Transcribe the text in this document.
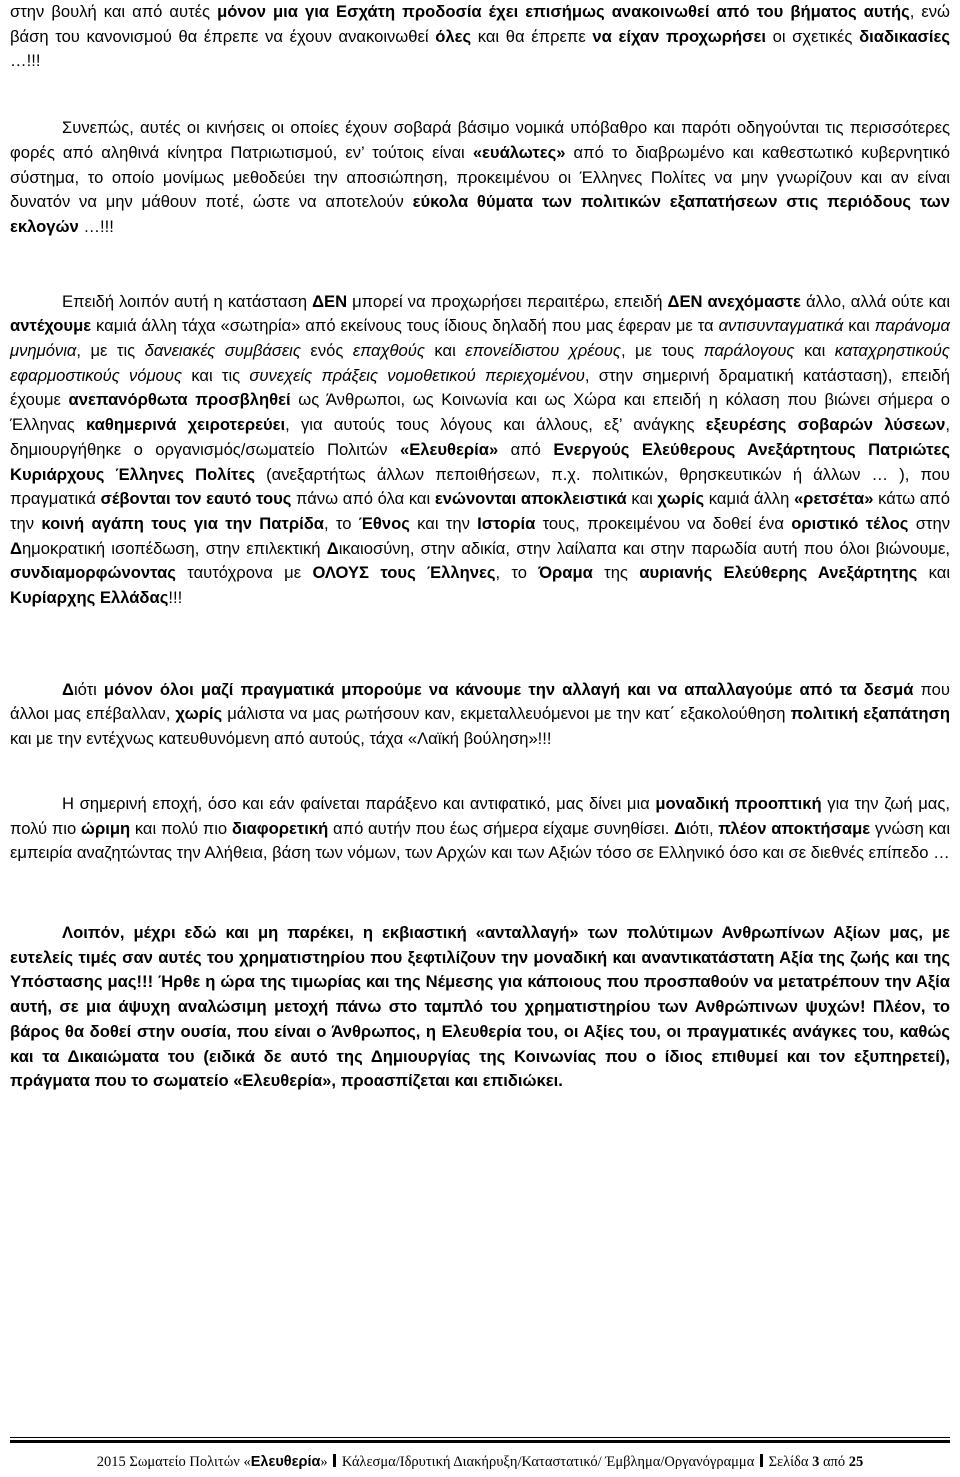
στην βουλή και από αυτές μόνον μια για Εσχάτη προδοσία έχει επισήμως ανακοινωθεί από του βήματος αυτής, ενώ βάση του κανονισμού θα έπρεπε να έχουν ανακοινωθεί όλες και θα έπρεπε να είχαν προχωρήσει οι σχετικές διαδικασίες …!!!

Συνεπώς, αυτές οι κινήσεις οι οποίες έχουν σοβαρά βάσιμο νομικά υπόβαθρο και παρότι οδηγούνται τις περισσότερες φορές από αληθινά κίνητρα Πατριωτισμού, εν’ τούτοις είναι «ευάλωτες» από το διαβρωμένο και καθεστωτικό κυβερνητικό σύστημα, το οποίο μονίμως μεθοδεύει την αποσιώπηση, προκειμένου οι Έλληνες Πολίτες να μην γνωρίζουν και αν είναι δυνατόν να μην μάθουν ποτέ, ώστε να αποτελούν εύκολα θύματα των πολιτικών εξαπατήσεων στις περιόδους των εκλογών …!!!

Επειδή λοιπόν αυτή η κατάσταση ΔΕΝ μπορεί να προχωρήσει περαιτέρω, επειδή ΔΕΝ ανεχόμαστε άλλο, αλλά ούτε και αντέχουμε καμιά άλλη τάχα «σωτηρία» από εκείνους τους ίδιους δηλαδή που μας έφεραν με τα αντισυνταγματικά και παράνομα μνημόνια, με τις δανειακές συμβάσεις ενός επαχθούς και επονείδιστου χρέους, με τους παράλογους και καταχρηστικούς εφαρμοστικούς νόμους και τις συνεχείς πράξεις νομοθετικού περιεχομένου, στην σημερινή δραματική κατάσταση), επειδή έχουμε ανεπανόρθωτα προσβληθεί ως Άνθρωποι, ως Κοινωνία και ως Χώρα και επειδή η κόλαση που βιώνει σήμερα ο Έλληνας καθημερινά χειροτερεύει, για αυτούς τους λόγους και άλλους, εξ’ ανάγκης εξευρέσης σοβαρών λύσεων, δημιουργήθηκε ο οργανισμός/σωματείο Πολιτών «Ελευθερία» από Ενεργούς Ελεύθερους Ανεξάρτητους Πατριώτες Κυριάρχους Έλληνες Πολίτες (ανεξαρτήτως άλλων πεποιθήσεων, π.χ. πολιτικών, θρησκευτικών ή άλλων … ), που πραγματικά σέβονται τον εαυτό τους πάνω από όλα και ενώνονται αποκλειστικά και χωρίς καμιά άλλη «ρετσέτα» κάτω από την κοινή αγάπη τους για την Πατρίδα, το Έθνος και την Ιστορία τους, προκειμένου να δοθεί ένα οριστικό τέλος στην Δημοκρατική ισοπέδωση, στην επιλεκτική Δικαιοσύνη, στην αδικία, στην λαίλαπα και στην παρωδία αυτή που όλοι βιώνουμε, συνδιαμορφώνοντας ταυτόχρονα με ΟΛΟΥΣ τους Έλληνες, το Όραμα της αυριανής Ελεύθερης Ανεξάρτητης και Κυρίαρχης Ελλάδας!!!

Διότι μόνον όλοι μαζί πραγματικά μπορούμε να κάνουμε την αλλαγή και να απαλλαγούμε από τα δεσμά που άλλοι μας επέβαλλαν, χωρίς μάλιστα να μας ρωτήσουν καν, εκμεταλλευόμενοι με την κατ΄ εξακολούθηση πολιτική εξαπάτηση και με την εντέχνως κατευθυνόμενη από αυτούς, τάχα «Λαϊκή βούληση»!!!

Η σημερινή εποχή, όσο και εάν φαίνεται παράξενο και αντιφατικό, μας δίνει μια μοναδική προοπτική για την ζωή μας, πολύ πιο ώριμη και πολύ πιο διαφορετική από αυτήν που έως σήμερα είχαμε συνηθίσει. Διότι, πλέον αποκτήσαμε γνώση και εμπειρία αναζητώντας την Αλήθεια, βάση των νόμων, των Αρχών και των Αξιών τόσο σε Ελληνικό όσο και σε διεθνές επίπεδο …

Λοιπόν, μέχρι εδώ και μη παρέκει, η εκβιαστική «ανταλλαγή» των πολύτιμων Ανθρωπίνων Αξίων μας, με ευτελείς τιμές σαν αυτές του χρηματιστηρίου που ξεφτιλίζουν την μοναδική και αναντικατάστατη Αξία της ζωής και της Υπόστασης μας!!! Ήρθε η ώρα της τιμωρίας και της Νέμεσης για κάποιους που προσπαθούν να μετατρέπουν την Αξία αυτή, σε μια άψυχη αναλώσιμη μετοχή πάνω στο ταμπλό του χρηματιστηρίου των Ανθρώπινων ψυχών! Πλέον, το βάρος θα δοθεί στην ουσία, που είναι ο Άνθρωπος, η Ελευθερία του, οι Αξίες του, οι πραγματικές ανάγκες του, καθώς και τα Δικαιώματα του (ειδικά δε αυτό της Δημιουργίας της Κοινωνίας που ο ίδιος επιθυμεί και τον εξυπηρετεί), πράγματα που το σωματείο «Ελευθερία», προασπίζεται και επιδιώκει.

2015 Σωματείο Πολιτών «Ελευθερία» Κάλεσμα/Ιδρυτική Διακήρυξη/Καταστατικό/ Έμβλημα/Οργανόγραμμα Σελίδα 3 από 25
